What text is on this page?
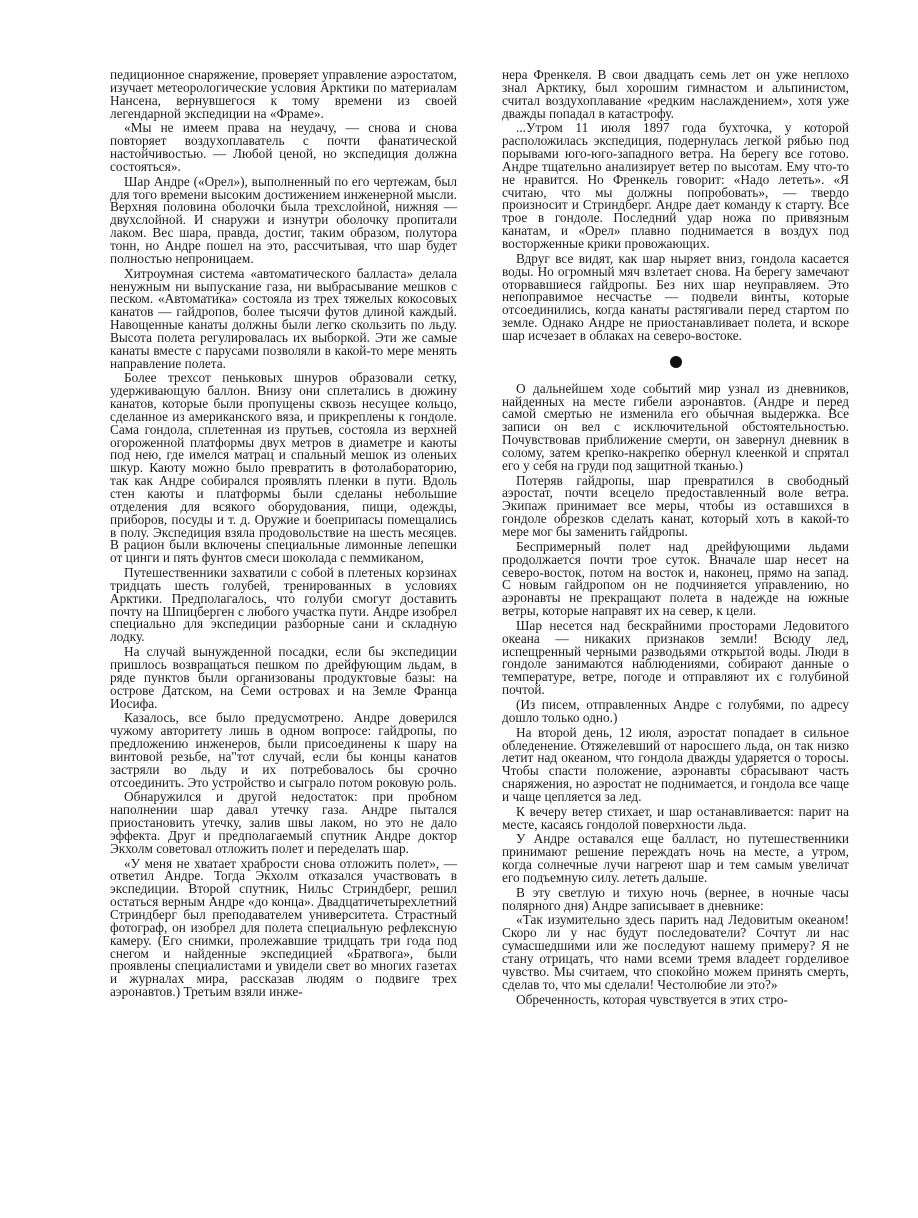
педиционное снаряжение, проверяет управление аэростатом, изучает метеорологические условия Арктики по материалам Нансена, вернувшегося к тому времени из своей легендарной экспедиции на «Фраме».

«Мы не имеем права на неудачу, — снова и снова повторяет воздухоплаватель с почти фанатической настойчивостью. — Любой ценой, но экспедиция должна состояться».

Шар Андре («Орел»), выполненный по его чертежам, был для того времени высоким достижением инженерной мысли. Верхняя половина оболочки была трехслойной, нижняя — двухслойной. И снаружи и изнутри оболочку пропитали лаком. Вес шара, правда, достиг, таким образом, полутора тонн, но Андре пошел на это, рассчитывая, что шар будет полностью непроницаем.

Хитроумная система «автоматического балласта» делала ненужным ни выпускание газа, ни выбрасывание мешков с песком. «Автоматика» состояла из трех тяжелых кокосовых канатов — гайдропов, более тысячи футов длиной каждый. Навощенные канаты должны были легко скользить по льду. Высота полета регулировалась их выборкой. Эти же самые канаты вместе с парусами позволяли в какой-то мере менять направление полета.

Более трехсот пеньковых шнуров образовали сетку, удерживающую баллон. Внизу они сплетались в дюжину канатов, которые были пропущены сквозь несущее кольцо, сделанное из американского вяза, и прикреплены к гондоле. Сама гондола, сплетенная из прутьев, состояла из верхней огороженной платформы двух метров в диаметре и каюты под нею, где имелся матрац и спальный мешок из оленьих шкур. Каюту можно было превратить в фотолабораторию, так как Андре собирался проявлять пленки в пути. Вдоль стен каюты и платформы были сделаны небольшие отделения для всякого оборудования, пищи, одежды, приборов, посуды и т. д. Оружие и боеприпасы помещались в полу. Экспедиция взяла продовольствие на шесть месяцев. В рацион были включены специальные лимонные лепешки от цинги и пять фунтов смеси шоколада с пеммиканом,

Путешественники захватили с собой в плетеных корзинах тридцать шесть голубей, тренированных в условиях Арктики. Предполагалось, что голуби смогут доставить почту на Шпицберген с любого участка пути. Андре изобрел специально для экспедиции разборные сани и складную лодку.

На случай вынужденной посадки, если бы экспедиции пришлось возвращаться пешком по дрейфующим льдам, в ряде пунктов были организованы продуктовые базы: на острове Датском, на Семи островах и на Земле Франца Иосифа.

Казалось, все было предусмотрено. Андре доверился чужому авторитету лишь в одном вопросе: гайдропы, по предложению инженеров, были присоединены к шару на винтовой резьбе, на"тот случай, если бы концы канатов застряли во льду и их потребовалось бы срочно отсоединить. Это устройство и сыграло потом роковую роль.

Обнаружился и другой недостаток: при пробном наполнении шар давал утечку газа. Андре пытался приостановить утечку, залив швы лаком, но это не дало эффекта. Друг и предполагаемый спутник Андре доктор Экхолм советовал отложить полет и переделать шар.

«У меня не хватает храбрости снова отложить полет», — ответил Андре. Тогда Экхолм отказался участвовать в экспедиции. Второй спутник, Нильс Стриндберг, решил остаться верным Андре «до конца». Двадцатичетырехлетний Стриндберг был преподавателем университета. Страстный фотограф, он изобрел для полета специальную рефлексную камеру. (Его снимки, пролежавшие тридцать три года под снегом и найденные экспедицией «Братвога», были проявлены специалистами и увидели свет во многих газетах и журналах мира, рассказав людям о подвиге трех аэронавтов.) Третьим взяли инже-

нера Френкеля. В свои двадцать семь лет он уже неплохо знал Арктику, был хорошим гимнастом и альпинистом, считал воздухоплавание «редким наслаждением», хотя уже дважды попадал в катастрофу.

...Утром 11 июля 1897 года бухточка, у которой расположилась экспедиция, подернулась легкой рябью под порывами юго-юго-западного ветра. На берегу все готово. Андре тщательно анализирует ветер по высотам. Ему что-то не нравится. Но Френкель говорит: «Надо лететь». «Я считаю, что мы должны попробовать», — твердо произносит и Стриндберг. Андре дает команду к старту. Все трое в гондоле. Последний удар ножа по привязным канатам, и «Орел» плавно поднимается в воздух под восторженные крики провожающих.

Вдруг все видят, как шар ныряет вниз, гондола касается воды. Но огромный мяч взлетает снова. На берегу замечают оторвавшиеся гайдропы. Без них шар неуправляем. Это непоправимое несчастье — подвели винты, которые отсоединились, когда канаты растягивали перед стартом по земле. Однако Андре не приостанавливает полета, и вскоре шар исчезает в облаках на северо-востоке.

О дальнейшем ходе событий мир узнал из дневников, найденных на месте гибели аэронавтов. (Андре и перед самой смертью не изменила его обычная выдержка. Все записи он вел с исключительной обстоятельностью. Почувствовав приближение смерти, он завернул дневник в солому, затем крепко-накрепко обернул клеенкой и спрятал его у себя на груди под защитной тканью.)

Потеряв гайдропы, шар превратился в свободный аэростат, почти всецело предоставленный воле ветра. Экипаж принимает все меры, чтобы из оставшихся в гондоле обрезков сделать канат, который хоть в какой-то мере мог бы заменить гайдропы.

Беспримерный полет над дрейфующими льдами продолжается почти трое суток. Вначале шар несет на северо-восток, потом на восток и, наконец, прямо на запад. С новым гайдропом он не подчиняется управлению, но аэронавты не прекращают полета в надежде на южные ветры, которые направят их на север, к цели.

Шар несется над бескрайними просторами Ледовитого океана — никаких признаков земли! Всюду лед, испещренный черными разводьями открытой воды. Люди в гондоле занимаются наблюдениями, собирают данные о температуре, ветре, погоде и отправляют их с голубиной почтой.

(Из писем, отправленных Андре с голубями, по адресу дошло только одно.)

На второй день, 12 июля, аэростат попадает в сильное обледенение. Отяжелевший от наросшего льда, он так низко летит над океаном, что гондола дважды ударяется о торосы. Чтобы спасти положение, аэронавты сбрасывают часть снаряжения, но аэростат не поднимается, и гондола все чаще и чаще цепляется за лед.

К вечеру ветер стихает, и шар останавливается: парит на месте, касаясь гондолой поверхности льда.

У Андре оставался еще балласт, но путешественники принимают решение переждать ночь на месте, а утром, когда солнечные лучи нагреют шар и тем самым увеличат его подъемную силу. лететь дальше.

В эту светлую и тихую ночь (вернее, в ночные часы полярного дня) Андре записывает в дневнике:

«Так изумительно здесь парить над Ледовитым океаном! Скоро ли у нас будут последователи? Сочтут ли нас сумасшедшими или же последуют нашему примеру? Я не стану отрицать, что нами всеми тремя владеет горделивое чувство. Мы считаем, что спокойно можем принять смерть, сделав то, что мы сделали! Честолюбие ли это?»

Обреченность, которая чувствуется в этих стро-
